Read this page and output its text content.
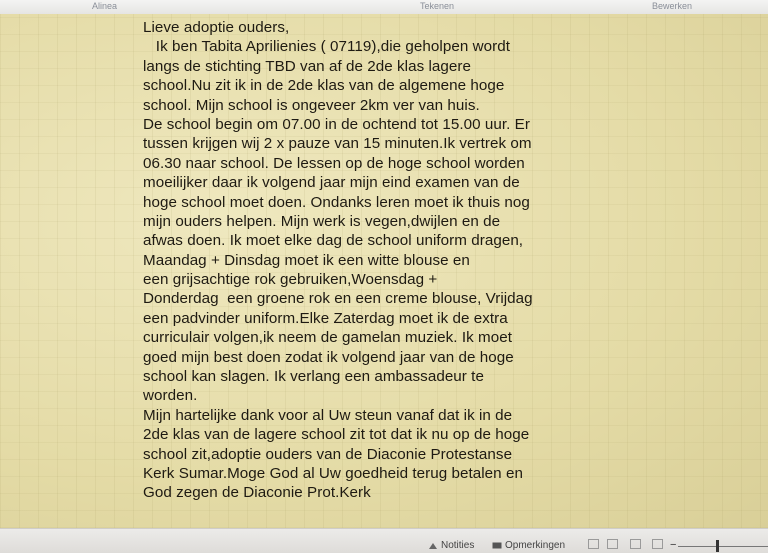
Alinea	Tekenen	Bewerken
Lieve adoptie ouders,
Ik ben Tabita Aprilienies ( 07119),die geholpen wordt
langs de stichting TBD van af de 2de klas lagere
school.Nu zit ik in de 2de klas van de algemene hoge
school. Mijn school is ongeveer 2km ver van huis.
De school begin om 07.00 in de ochtend tot 15.00 uur. Er
tussen krijgen wij 2 x pauze van 15 minuten.Ik vertrek om
06.30 naar school. De lessen op de hoge school worden
moeilijker daar ik volgend jaar mijn eind examen van de
hoge school moet doen. Ondanks leren moet ik thuis nog
mijn ouders helpen. Mijn werk is vegen,dwijlen en de
afwas doen. Ik moet elke dag de school uniform dragen,
Maandag + Dinsdag moet ik een witte blouse en
een grijsachtige rok gebruiken,Woensdag +
Donderdag  een groene rok en een creme blouse, Vrijdag
een padvinder uniform.Elke Zaterdag moet ik de extra
curriculair volgen,ik neem de gamelan muziek. Ik moet
goed mijn best doen zodat ik volgend jaar van de hoge
school kan slagen. Ik verlang een ambassadeur te
worden.
Mijn hartelijke dank voor al Uw steun vanaf dat ik in de
2de klas van de lagere school zit tot dat ik nu op de hoge
school zit,adoptie ouders van de Diaconie Protestanse
Kerk Sumar.Moge God al Uw goedheid terug betalen en
God zegen de Diaconie Prot.Kerk
Notities	Opmerkingen	−
